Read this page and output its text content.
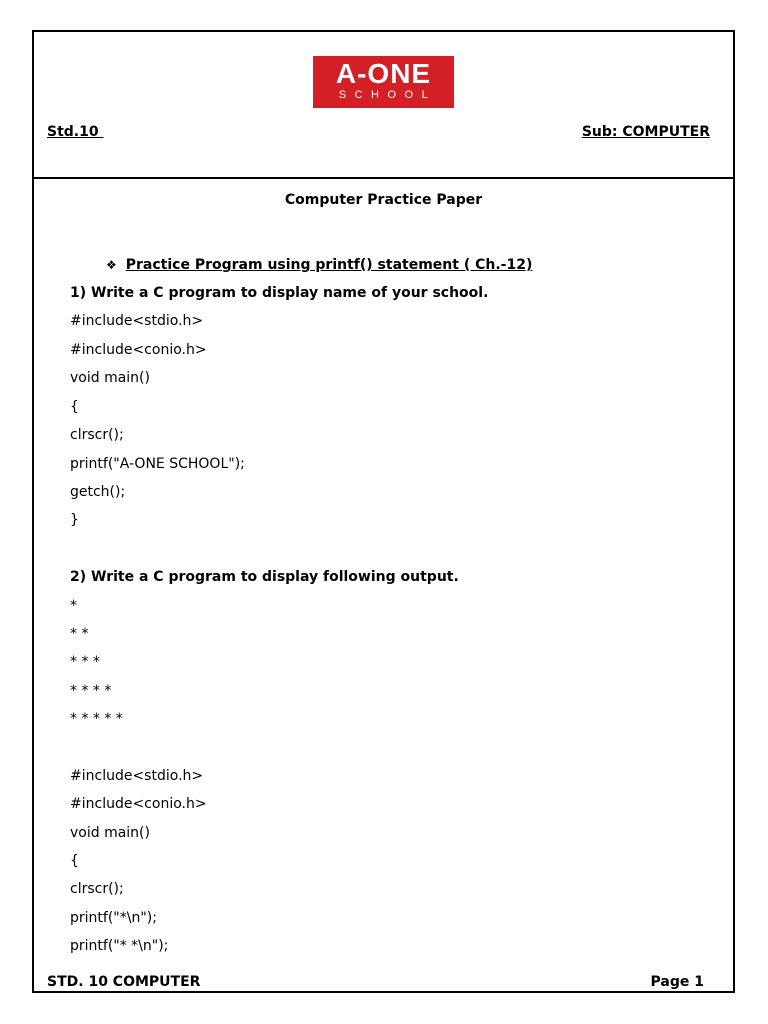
A-ONE
SCHOOL
Std.10	Sub: COMPUTER
Computer Practice Paper
❖ Practice Program using printf() statement ( Ch.-12)
1) Write a C program to display name of your school.
#include<stdio.h>
#include<conio.h>
void main()
{
clrscr();
printf("A-ONE SCHOOL");
getch();
}
2) Write a C program to display following output.
*
* *
* * *
* * * *
* * * * *
#include<stdio.h>
#include<conio.h>
void main()
{
clrscr();
printf("*\n");
printf("* *\n");
STD. 10 COMPUTER	Page 1
